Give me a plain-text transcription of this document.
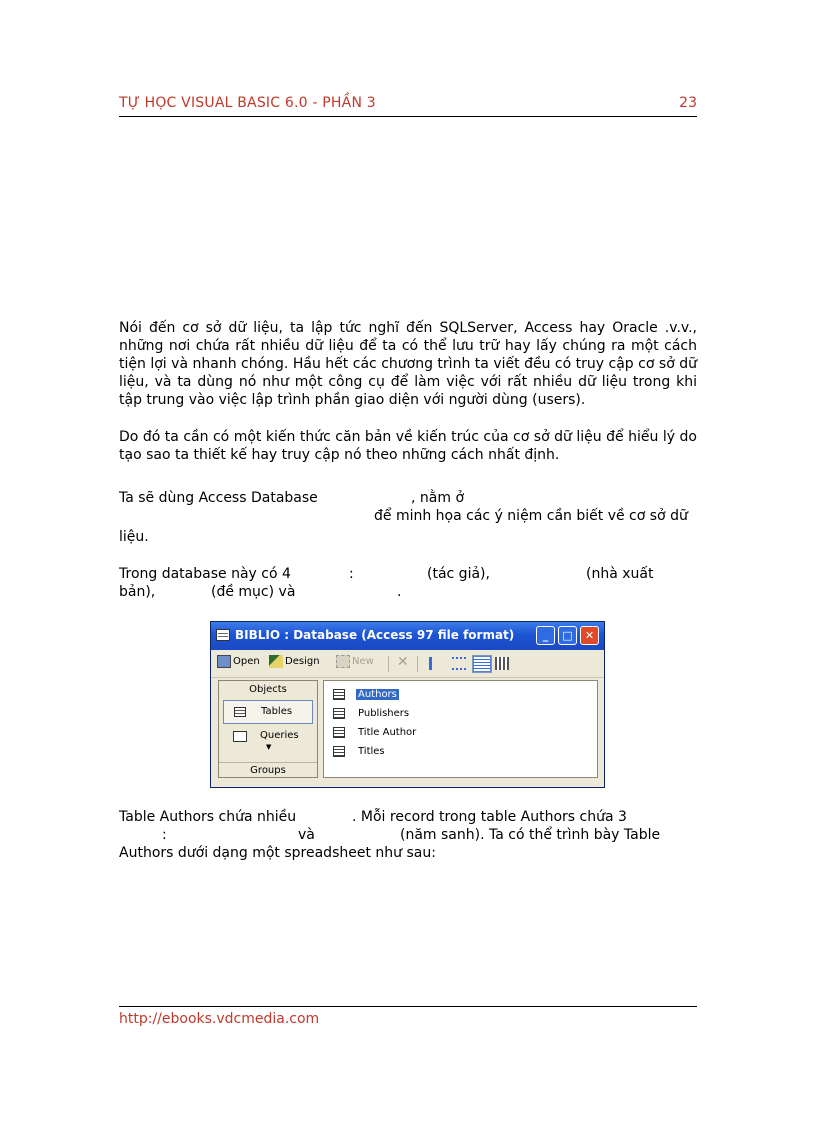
TỰ HỌC VISUAL BASIC 6.0 - PHẦN 3	23
Nói đến cơ sở dữ liệu, ta lập tức nghĩ đến SQLServer, Access hay Oracle .v.v., những nơi chứa rất nhiều dữ liệu để ta có thể lưu trữ hay lấy chúng ra một cách tiện lợi và nhanh chóng. Hầu hết các chương trình ta viết đều có truy cập cơ sở dữ liệu, và ta dùng nó như một công cụ để làm việc với rất nhiều dữ liệu trong khi tập trung vào việc lập trình phần giao diện với người dùng (users).
Do đó ta cần có một kiến thức căn bản về kiến trúc của cơ sở dữ liệu để hiểu lý do tạo sao ta thiết kế hay truy cập nó theo những cách nhất định.
Ta sẽ dùng Access Database	, nằm ở
để minh họa các ý niệm cần biết về cơ sở dữ
liệu.
Trong database này có 4	:	(tác giả),	(nhà xuất
bản),	(đề mục) và	.
BIBLIO : Database (Access 97 file format)	_	□	✕
Open	Design	New ✕
Objects
Tables
Queries
▼
Groups
Authors
Publishers
Title Author
Titles
Table Authors chứa nhiều	. Mỗi record trong table Authors chứa 3
:	và	(năm sanh). Ta có thể trình bày Table
Authors dưới dạng một spreadsheet như sau:
http://ebooks.vdcmedia.com
